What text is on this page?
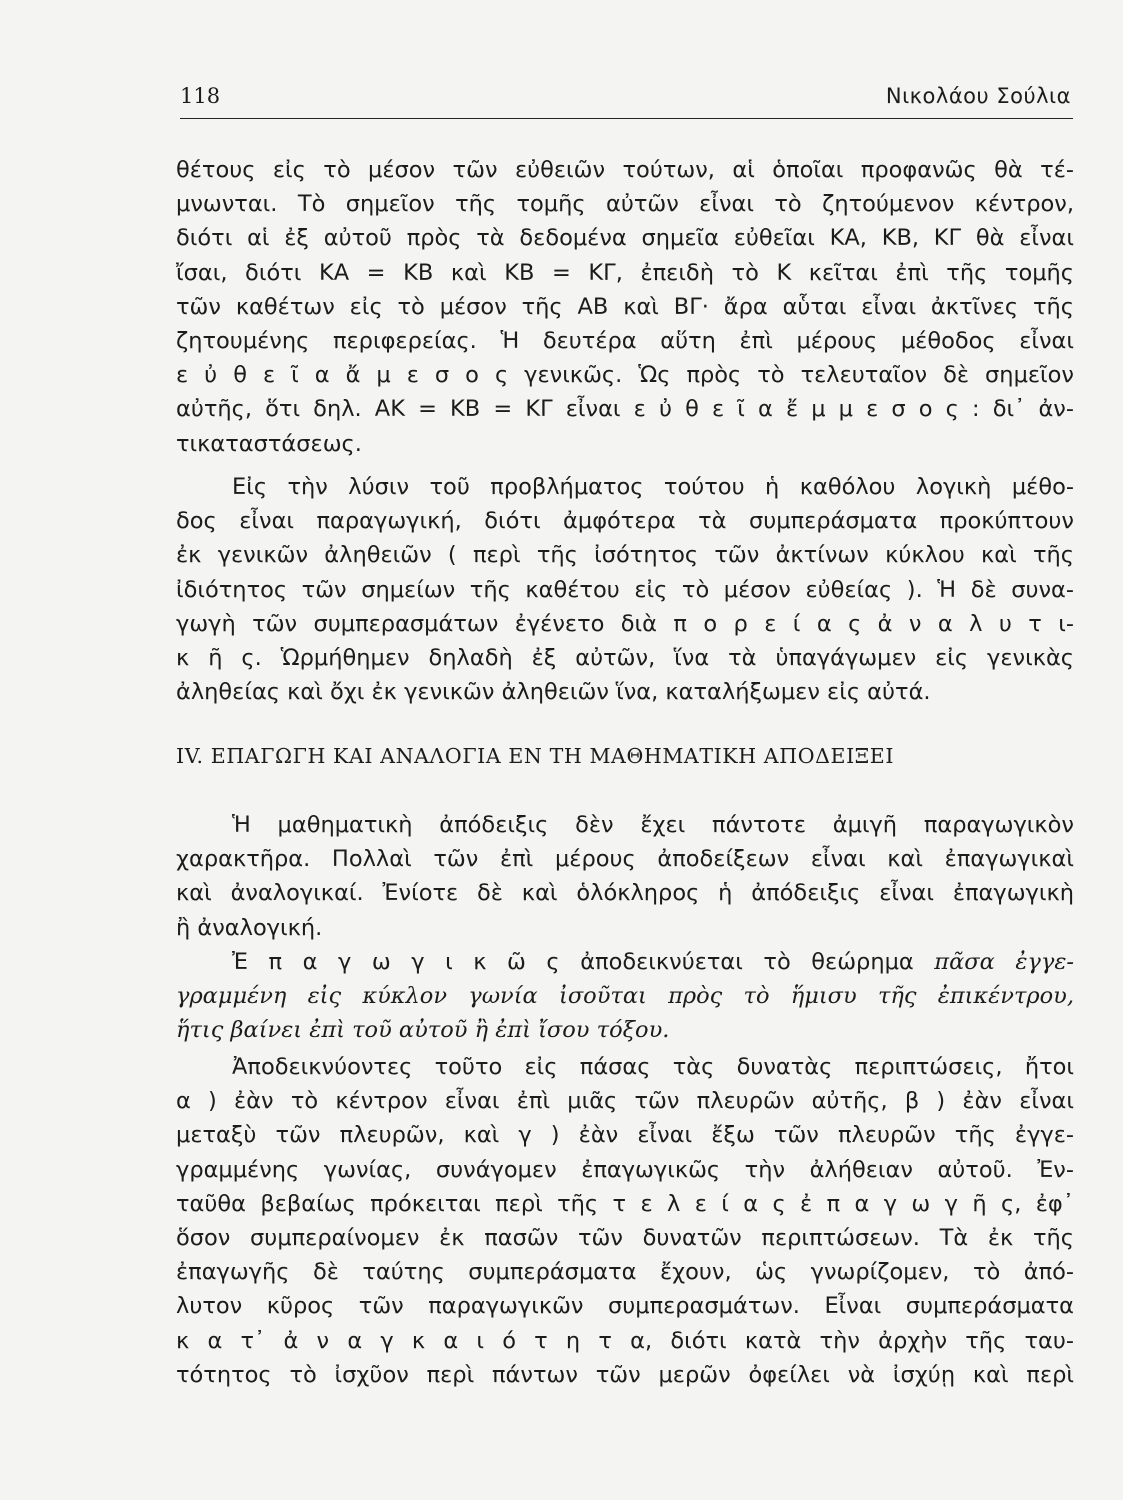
118	Νικολάου Σούλια
θέτους εἰς τὸ μέσον τῶν εὐθειῶν τούτων, αἱ ὁποῖαι προφανῶς θὰ τέ-
μνωνται. Τὸ σημεῖον τῆς τομῆς αὐτῶν εἶναι τὸ ζητούμενον κέντρον,
διότι αἱ ἐξ αὐτοῦ πρὸς τὰ δεδομένα σημεῖα εὐθεῖαι ΚΑ, ΚΒ, ΚΓ θὰ εἶναι
ἴσαι, διότι ΚΑ = ΚΒ καὶ ΚΒ = ΚΓ, ἐπειδὴ τὸ Κ κεῖται ἐπὶ τῆς τομῆς
τῶν καθέτων εἰς τὸ μέσον τῆς ΑΒ καὶ ΒΓ· ἄρα αὗται εἶναι ἀκτῖνες τῆς
ζητουμένης περιφερείας. Ἡ δευτέρα αὕτη ἐπὶ μέρους μέθοδος εἶναι
ε ὐ θ ε ῖ α ἄ μ ε σ ο ς γενικῶς. Ὡς πρὸς τὸ τελευταῖον δὲ σημεῖον
αὐτῆς, ὅτι δηλ. ΑΚ = ΚΒ = ΚΓ εἶναι ε ὐ θ ε ῖ α ἔ μ μ ε σ ο ς : δι᾽ ἀν-
τικαταστάσεως.
Εἰς τὴν λύσιν τοῦ προβλήματος τούτου ἡ καθόλου λογικὴ μέθο-
δος εἶναι παραγωγική, διότι ἀμφότερα τὰ συμπεράσματα προκύπτουν
ἐκ γενικῶν ἀληθειῶν ( περὶ τῆς ἰσότητος τῶν ἀκτίνων κύκλου καὶ τῆς
ἰδιότητος τῶν σημείων τῆς καθέτου εἰς τὸ μέσον εὐθείας ). Ἡ δὲ συνα-
γωγὴ τῶν συμπερασμάτων ἐγένετο διὰ π ο ρ ε ί α ς ἀ ν α λ υ τ ι-
κ ῆ ς. Ὡρμήθημεν δηλαδὴ ἐξ αὐτῶν, ἵνα τὰ ὑπαγάγωμεν εἰς γενικὰς
ἀληθείας καὶ ὄχι ἐκ γενικῶν ἀληθειῶν ἵνα, καταλήξωμεν εἰς αὐτά.
IV. ΕΠΑΓΩΓΗ ΚΑΙ ΑΝΑΛΟΓΙΑ ΕΝ ΤΗ ΜΑΘΗΜΑΤΙΚΗ ΑΠΟΔΕΙΞΕΙ
Ἡ μαθηματικὴ ἀπόδειξις δὲν ἔχει πάντοτε ἀμιγῆ παραγωγικὸν
χαρακτῆρα. Πολλαὶ τῶν ἐπὶ μέρους ἀποδείξεων εἶναι καὶ ἐπαγωγικαὶ
καὶ ἀναλογικαί. Ἐνίοτε δὲ καὶ ὁλόκληρος ἡ ἀπόδειξις εἶναι ἐπαγωγικὴ
ἢ ἀναλογική.
Ἐ π α γ ω γ ι κ ῶ ς ἀποδεικνύεται τὸ θεώρημα πᾶσα ἐγγε-
γραμμένη εἰς κύκλον γωνία ἰσοῦται πρὸς τὸ ἥμισυ τῆς ἐπικέντρου,
ἥτις βαίνει ἐπὶ τοῦ αὐτοῦ ἢ ἐπὶ ἴσου τόξου.
Ἀποδεικνύοντες τοῦτο εἰς πάσας τὰς δυνατὰς περιπτώσεις, ἤτοι
α ) ἐὰν τὸ κέντρον εἶναι ἐπὶ μιᾶς τῶν πλευρῶν αὐτῆς, β ) ἐὰν εἶναι
μεταξὺ τῶν πλευρῶν, καὶ γ ) ἐὰν εἶναι ἔξω τῶν πλευρῶν τῆς ἐγγε-
γραμμένης γωνίας, συνάγομεν ἐπαγωγικῶς τὴν ἀλήθειαν αὐτοῦ. Ἐν-
ταῦθα βεβαίως πρόκειται περὶ τῆς τ ε λ ε ί α ς ἐ π α γ ω γ ῆ ς, ἐφ᾽
ὅσον συμπεραίνομεν ἐκ πασῶν τῶν δυνατῶν περιπτώσεων. Τὰ ἐκ τῆς
ἐπαγωγῆς δὲ ταύτης συμπεράσματα ἔχουν, ὡς γνωρίζομεν, τὸ ἀπό-
λυτον κῦρος τῶν παραγωγικῶν συμπερασμάτων. Εἶναι συμπεράσματα
κ α τ᾽ ἀ ν α γ κ α ι ό τ η τ α, διότι κατὰ τὴν ἀρχὴν τῆς ταυ-
τότητος τὸ ἰσχῦον περὶ πάντων τῶν μερῶν ὀφείλει νὰ ἰσχύῃ καὶ περὶ
